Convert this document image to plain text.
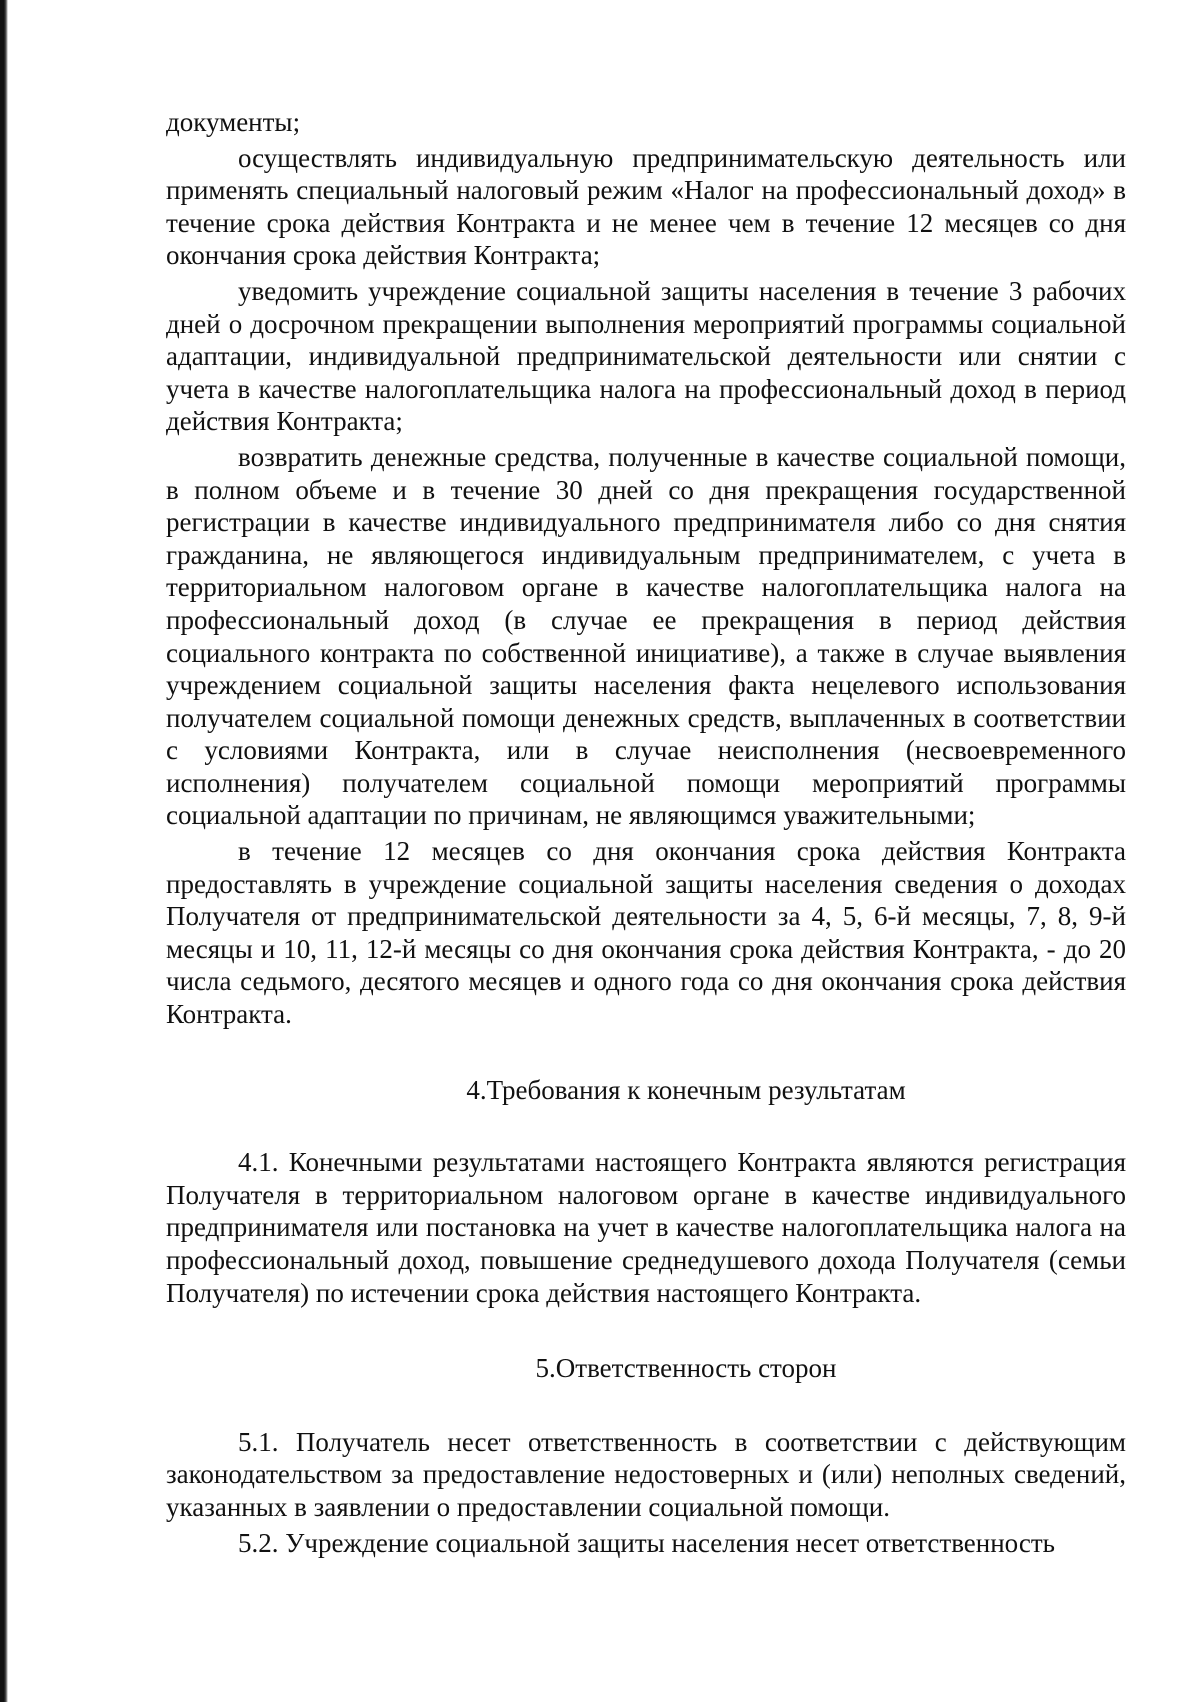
документы;

осуществлять индивидуальную предпринимательскую деятельность или применять специальный налоговый режим «Налог на профессиональный доход» в течение срока действия Контракта и не менее чем в течение 12 месяцев со дня окончания срока действия Контракта;

уведомить учреждение социальной защиты населения в течение 3 рабочих дней о досрочном прекращении выполнения мероприятий программы социальной адаптации, индивидуальной предпринимательской деятельности или снятии с учета в качестве налогоплательщика налога на профессиональный доход в период действия Контракта;

возвратить денежные средства, полученные в качестве социальной помощи, в полном объеме и в течение 30 дней со дня прекращения государственной регистрации в качестве индивидуального предпринимателя либо со дня снятия гражданина, не являющегося индивидуальным предпринимателем, с учета в территориальном налоговом органе в качестве налогоплательщика налога на профессиональный доход (в случае ее прекращения в период действия социального контракта по собственной инициативе), а также в случае выявления учреждением социальной защиты населения факта нецелевого использования получателем социальной помощи денежных средств, выплаченных в соответствии с условиями Контракта, или в случае неисполнения (несвоевременного исполнения) получателем социальной помощи мероприятий программы социальной адаптации по причинам, не являющимся уважительными;

в течение 12 месяцев со дня окончания срока действия Контракта предоставлять в учреждение социальной защиты населения сведения о доходах Получателя от предпринимательской деятельности за 4, 5, 6-й месяцы, 7, 8, 9-й месяцы и 10, 11, 12-й месяцы со дня окончания срока действия Контракта, - до 20 числа седьмого, десятого месяцев и одного года со дня окончания срока действия Контракта.

4.Требования к конечным результатам

4.1. Конечными результатами настоящего Контракта являются регистрация Получателя в территориальном налоговом органе в качестве индивидуального предпринимателя или постановка на учет в качестве налогоплательщика налога на профессиональный доход, повышение среднедушевого дохода Получателя (семьи Получателя) по истечении срока действия настоящего Контракта.

5.Ответственность сторон

5.1. Получатель несет ответственность в соответствии с действующим законодательством за предоставление недостоверных и (или) неполных сведений, указанных в заявлении о предоставлении социальной помощи.

5.2. Учреждение социальной защиты населения несет ответственность
